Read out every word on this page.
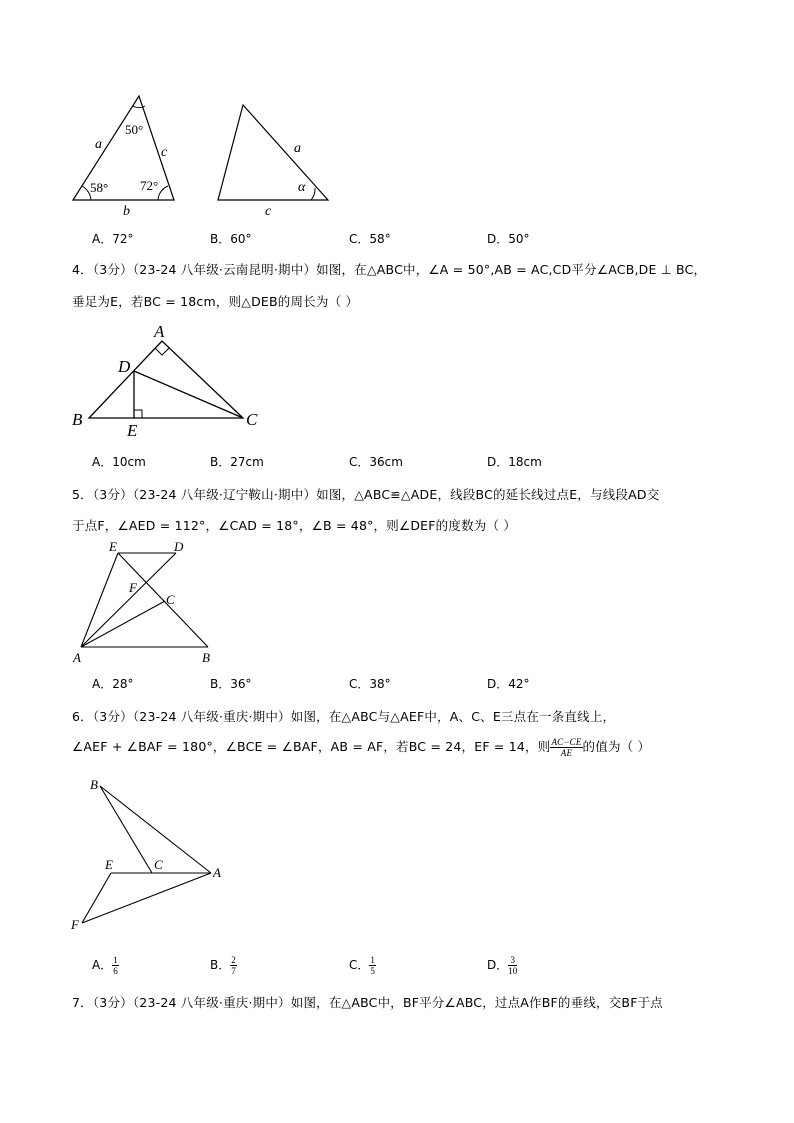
50°
58° 72°
a
c
b
a
c
α
A．72°	B．60°	C．58°	D．50°
4．（3分）（23-24 八年级·云南昆明·期中）如图，在△ABC中，∠A = 50°,AB = AC,CD平分∠ACB,DE ⊥ BC，
垂足为E，若BC = 18cm，则△DEB的周长为（ ）
A
D
B
E
C
A．10cm	B．27cm	C．36cm	D．18cm
5．（3分）（23-24 八年级·辽宁鞍山·期中）如图，△ABC≌△ADE，线段BC的延长线过点E，与线段AD交
于点F，∠AED = 112°，∠CAD = 18°，∠B = 48°，则∠DEF的度数为（ ）
E	D
F
C
A	B
A．28°	B．36°	C．38°	D．42°
6．（3分）（23-24 八年级·重庆·期中）如图，在△ABC与△AEF中，A、C、E三点在一条直线上，
∠AEF + ∠BAF = 180°，∠BCE = ∠BAF，AB = AF，若BC = 24，EF = 14，则 $\frac{AC-CE}{AE}$ 的值为（ ）
B
E	C
A
F
A． $\frac{1}{6}$	B． $\frac{2}{7}$	C． $\frac{1}{5}$	D． $\frac{3}{10}$
7．（3分）（23-24 八年级·重庆·期中）如图，在△ABC中，BF平分∠ABC，过点A作BF的垂线，交BF于点
